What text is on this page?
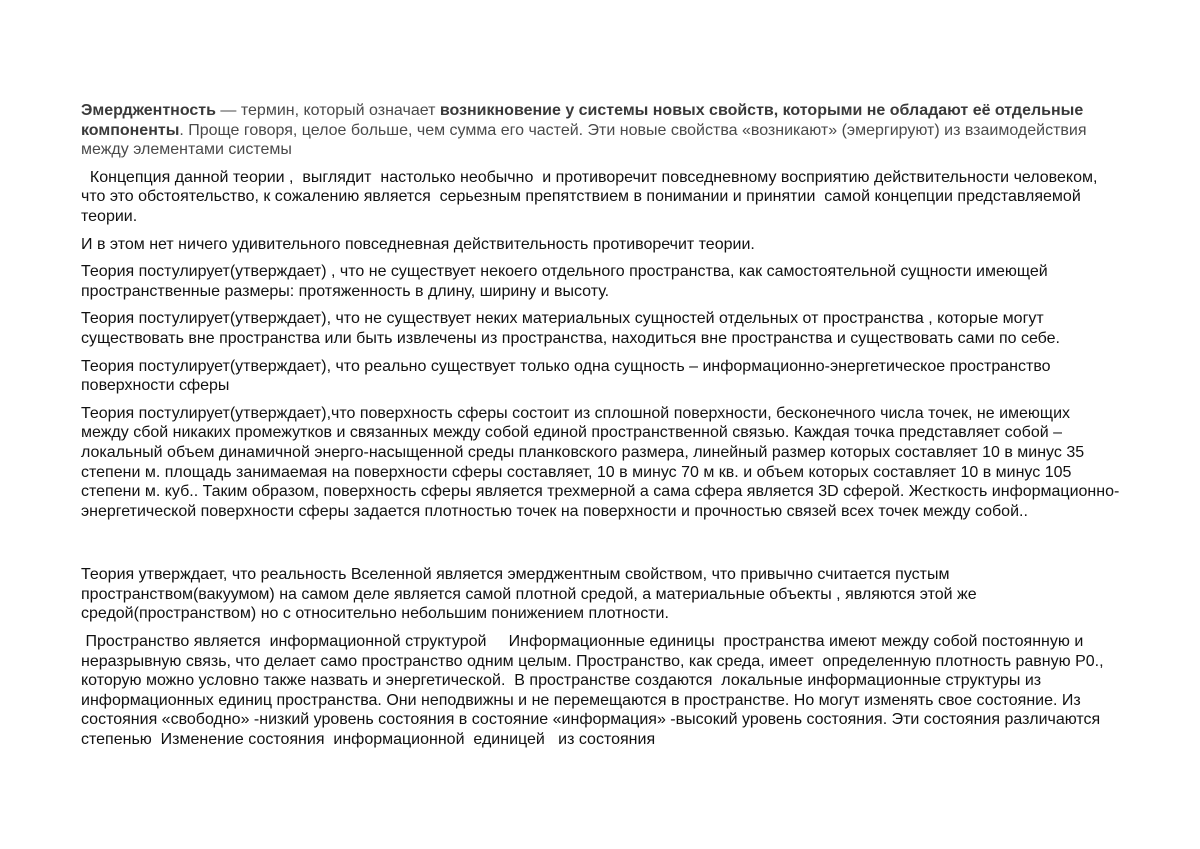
Эмерджентность — термин, который означает возникновение у системы новых свойств, которыми не обладают её отдельные компоненты. Проще говоря, целое больше, чем сумма его частей. Эти новые свойства «возникают» (эмергируют) из взаимодействия между элементами системы

Концепция данной теории ,  выглядит  настолько необычно  и противоречит повседневному восприятию действительности человеком, что это обстоятельство, к сожалению является  серьезным препятствием в понимании и принятии  самой концепции представляемой теории.

И в этом нет ничего удивительного повседневная действительность противоречит теории.

Теория постулирует(утверждает) , что не существует некоего отдельного пространства, как самостоятельной сущности имеющей пространственные размеры: протяженность в длину, ширину и высоту.

Теория постулирует(утверждает), что не существует неких материальных сущностей отдельных от пространства , которые могут существовать вне пространства или быть извлечены из пространства, находиться вне пространства и существовать сами по себе.

Теория постулирует(утверждает), что реально существует только одна сущность – информационно-энергетическое пространство поверхности сферы

Теория постулирует(утверждает),что поверхность сферы состоит из сплошной поверхности, бесконечного числа точек, не имеющих между сбой никаких промежутков и связанных между собой единой пространственной связью. Каждая точка представляет собой – локальный объем динамичной энерго-насыщенной среды планковского размера, линейный размер которых составляет 10 в минус 35 степени м. площадь занимаемая на поверхности сферы составляет, 10 в минус 70 м кв. и объем которых составляет 10 в минус 105 степени м. куб.. Таким образом, поверхность сферы является трехмерной а сама сфера является 3D сферой. Жесткость информационно-энергетической поверхности сферы задается плотностью точек на поверхности и прочностью связей всех точек между собой..

Теория утверждает, что реальность Вселенной является эмерджентным свойством, что привычно считается пустым пространством(вакуумом) на самом деле является самой плотной средой, а материальные объекты , являются этой же средой(пространством) но с относительно небольшим понижением плотности.

Пространство является  информационной структурой     Информационные единицы  пространства имеют между собой постоянную и неразрывную связь, что делает само пространство одним целым. Пространство, как среда, имеет  определенную плотность равную Р0., которую можно условно также назвать и энергетической.  В пространстве создаются  локальные информационные структуры из информационных единиц пространства. Они неподвижны и не перемещаются в пространстве. Но могут изменять свое состояние. Из состояния «свободно» -низкий уровень состояния в состояние «информация» -высокий уровень состояния. Эти состояния различаются  степенью  Изменение состояния  информационной  единицей   из состояния
